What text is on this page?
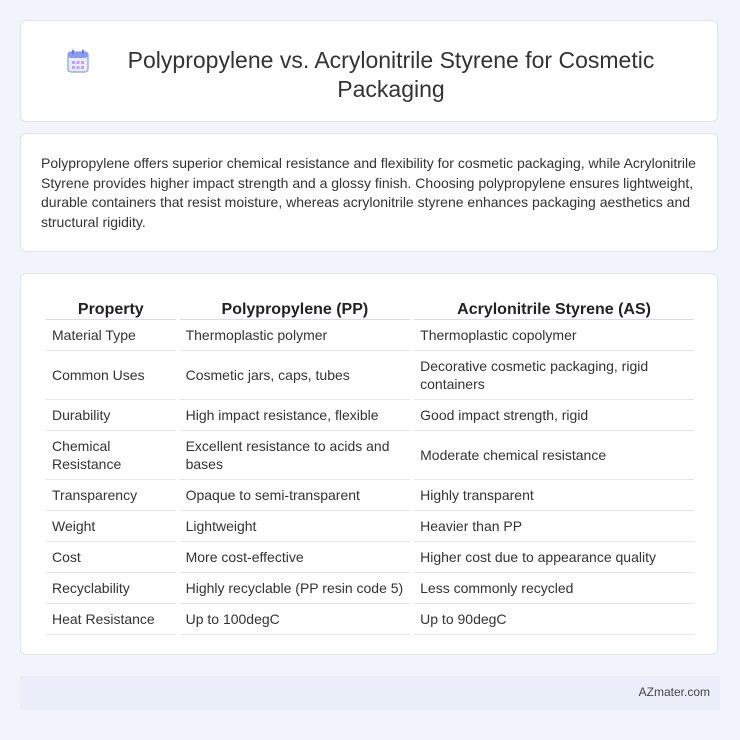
Polypropylene vs. Acrylonitrile Styrene for Cosmetic Packaging

Polypropylene offers superior chemical resistance and flexibility for cosmetic packaging, while Acrylonitrile Styrene provides higher impact strength and a glossy finish. Choosing polypropylene ensures lightweight, durable containers that resist moisture, whereas acrylonitrile styrene enhances packaging aesthetics and structural rigidity.

Property	Polypropylene (PP)	Acrylonitrile Styrene (AS)
Material Type	Thermoplastic polymer	Thermoplastic copolymer
Common Uses	Cosmetic jars, caps, tubes	Decorative cosmetic packaging, rigid containers
Durability	High impact resistance, flexible	Good impact strength, rigid
Chemical Resistance	Excellent resistance to acids and bases	Moderate chemical resistance
Transparency	Opaque to semi-transparent	Highly transparent
Weight	Lightweight	Heavier than PP
Cost	More cost-effective	Higher cost due to appearance quality
Recyclability	Highly recyclable (PP resin code 5)	Less commonly recycled
Heat Resistance	Up to 100degC	Up to 90degC
AZmater.com
